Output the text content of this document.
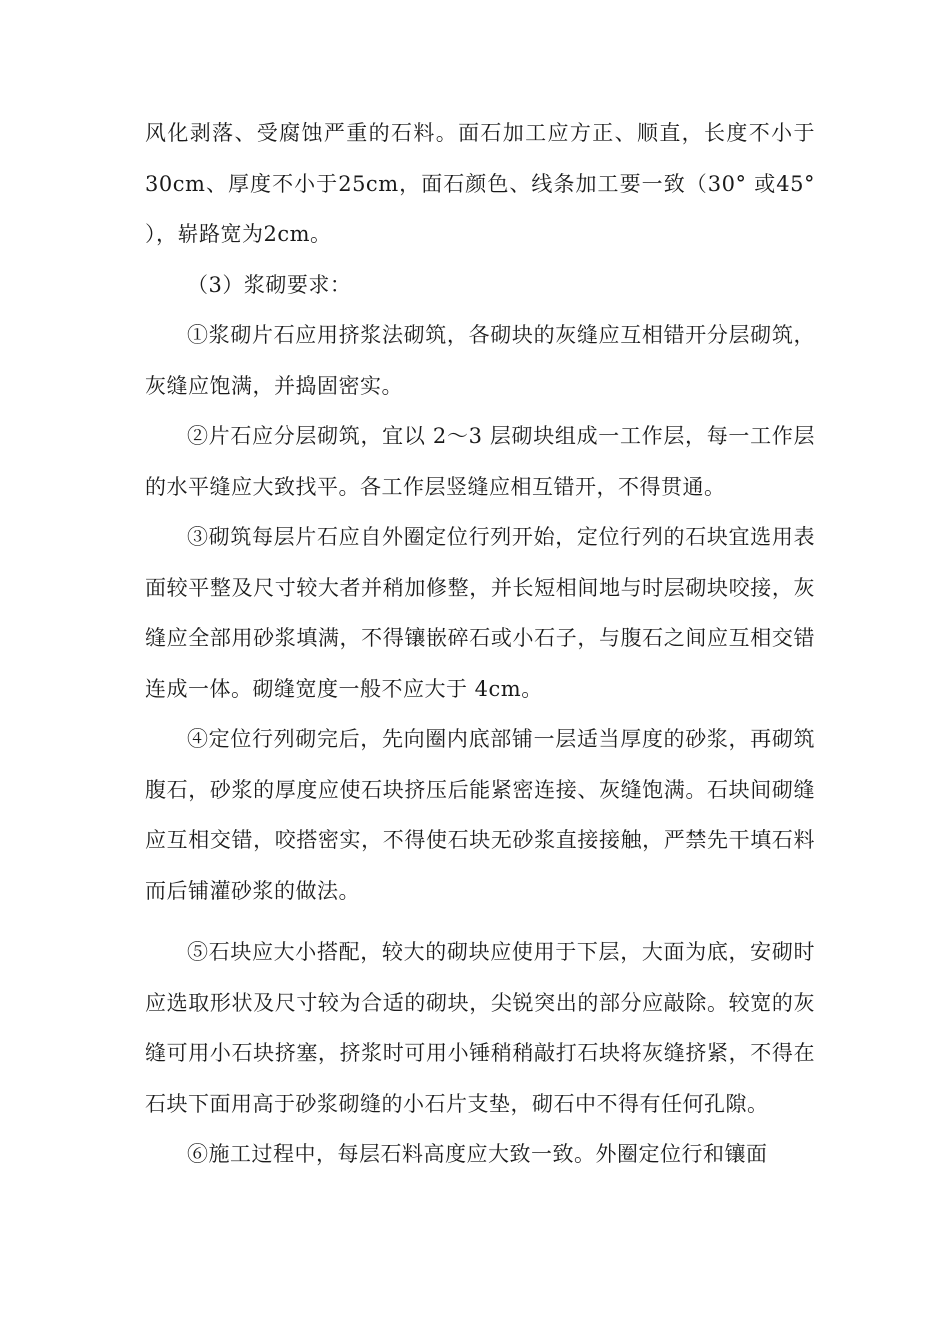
风化剥落、受腐蚀严重的石料。面石加工应方正、顺直，长度不小于30cm、厚度不小于25cm，面石颜色、线条加工要一致（30° 或45° ），崭路宽为2cm。

（3）浆砌要求：

①浆砌片石应用挤浆法砌筑，各砌块的灰缝应互相错开分层砌筑，灰缝应饱满，并捣固密实。

②片石应分层砌筑，宜以 2～3 层砌块组成一工作层，每一工作层的水平缝应大致找平。各工作层竖缝应相互错开，不得贯通。

③砌筑每层片石应自外圈定位行列开始，定位行列的石块宜选用表面较平整及尺寸较大者并稍加修整，并长短相间地与时层砌块咬接，灰缝应全部用砂浆填满，不得镶嵌碎石或小石子，与腹石之间应互相交错连成一体。砌缝宽度一般不应大于 4cm。

④定位行列砌完后，先向圈内底部铺一层适当厚度的砂浆，再砌筑腹石，砂浆的厚度应使石块挤压后能紧密连接、灰缝饱满。石块间砌缝应互相交错，咬搭密实，不得使石块无砂浆直接接触，严禁先干填石料而后铺灌砂浆的做法。

⑤石块应大小搭配，较大的砌块应使用于下层，大面为底，安砌时应选取形状及尺寸较为合适的砌块，尖锐突出的部分应敲除。较宽的灰缝可用小石块挤塞，挤浆时可用小锤稍稍敲打石块将灰缝挤紧，不得在石块下面用高于砂浆砌缝的小石片支垫，砌石中不得有任何孔隙。

⑥施工过程中，每层石料高度应大致一致。外圈定位行和镶面
